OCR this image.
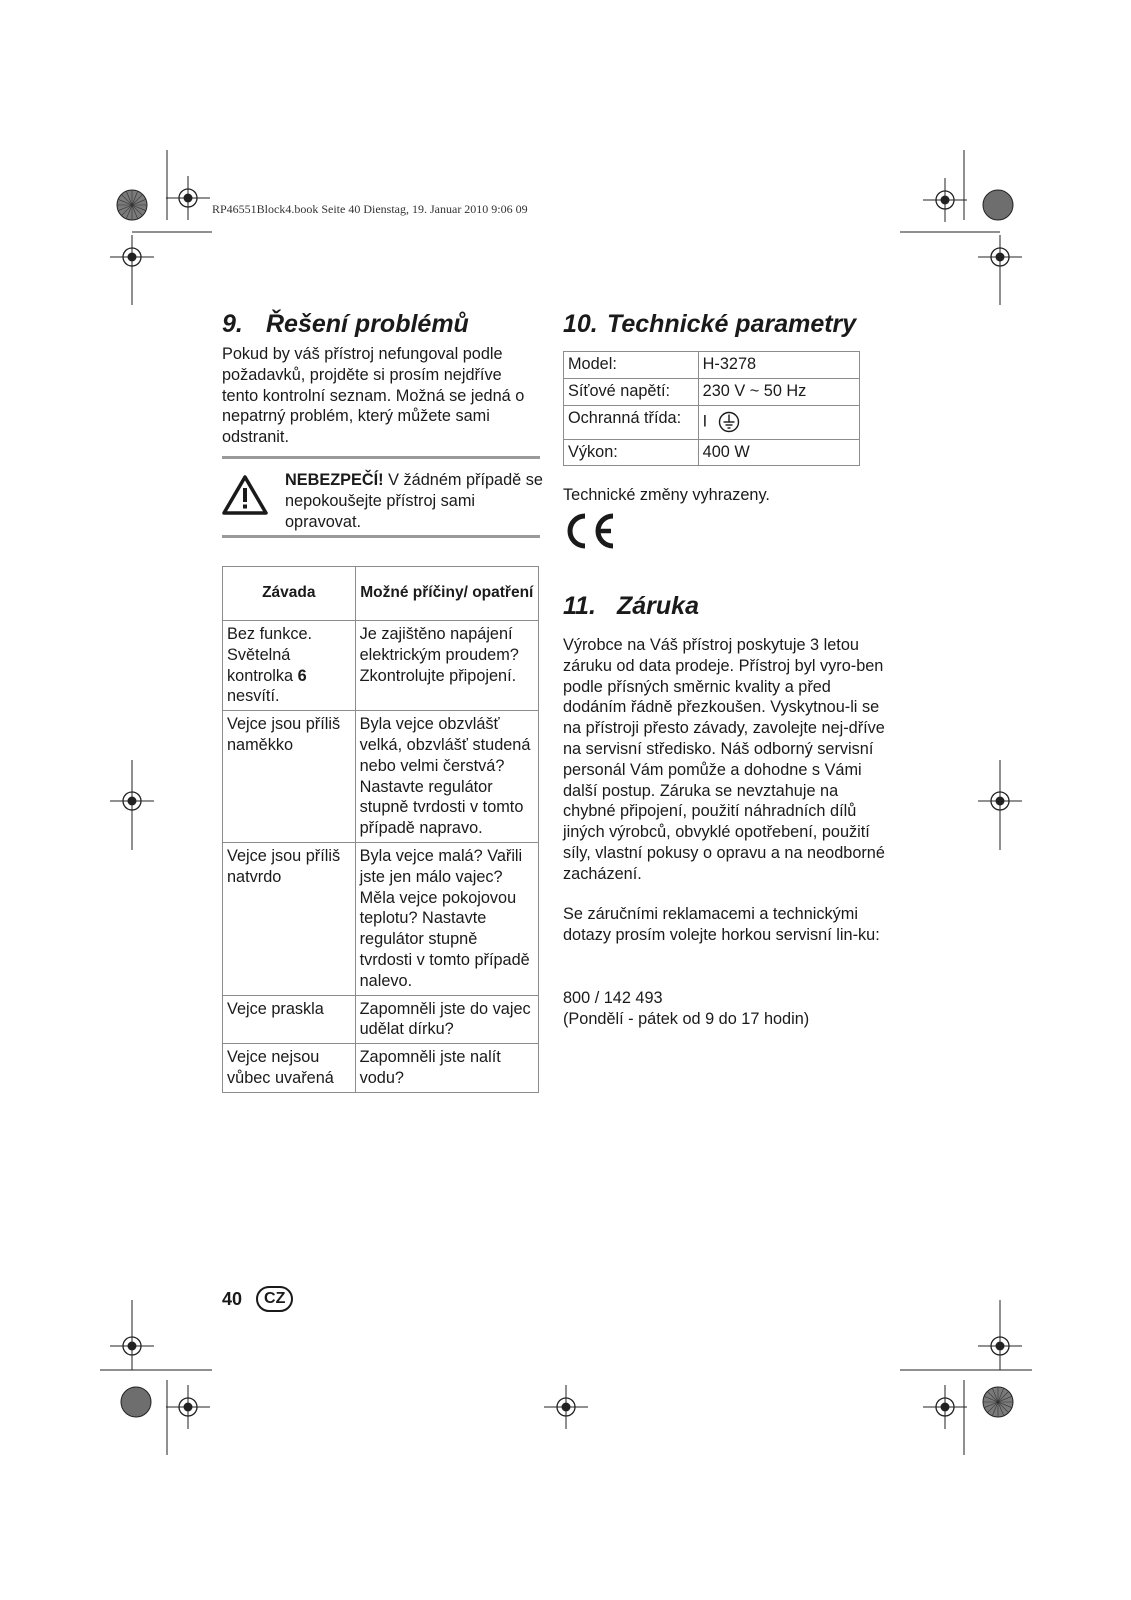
RP46551Block4.book Seite 40 Dienstag, 19. Januar 2010 9:06 09
9. Řešení problémů
Pokud by váš přístroj nefungoval podle požadavků, projděte si prosím nejdříve tento kontrolní seznam. Možná se jedná o nepatrný problém, který můžete sami odstranit.
NEBEZPEČÍ! V žádném případě se nepokoušejte přístroj sami opravovat.
Závada	Možné příčiny/ opatření
Bez funkce. Světelná kontrolka 6 nesvítí.	Je zajištěno napájení elektrickým proudem? Zkontrolujte připojení.
Vejce jsou příliš naměkko	Byla vejce obzvlášť velká, obzvlášť studená nebo velmi čerstvá? Nastavte regulátor stupně tvrdosti v tomto případě napravo.
Vejce jsou příliš natvrdo	Byla vejce malá? Vařili jste jen málo vajec? Měla vejce pokojovou teplotu? Nastavte regulátor stupně tvrdosti v tomto případě nalevo.
Vejce praskla	Zapomněli jste do vajec udělat dírku?
Vejce nejsou vůbec uvařená	Zapomněli jste nalít vodu?
10. Technické parametry
Model:	H-3278
Síťové napětí:	230 V ~ 50 Hz
Ochranná třída:	I
Výkon:	400 W
Technické změny vyhrazeny.
11. Záruka
Výrobce na Váš přístroj poskytuje 3 letou záruku od data prodeje. Přístroj byl vyro-ben podle přísných směrnic kvality a před dodáním řádně přezkoušen. Vyskytnou-li se na přístroji přesto závady, zavolejte nej-dříve na servisní středisko. Náš odborný servisní personál Vám pomůže a dohodne s Vámi další postup. Záruka se nevztahuje na chybné připojení, použití náhradních dílů jiných výrobců, obvyklé opotřebení, použití síly, vlastní pokusy o opravu a na neodborné zacházení.
Se záručními reklamacemi a technickými dotazy prosím volejte horkou servisní lin-ku:
800 / 142 493
(Pondělí - pátek od 9 do 17 hodin)
40	CZ
